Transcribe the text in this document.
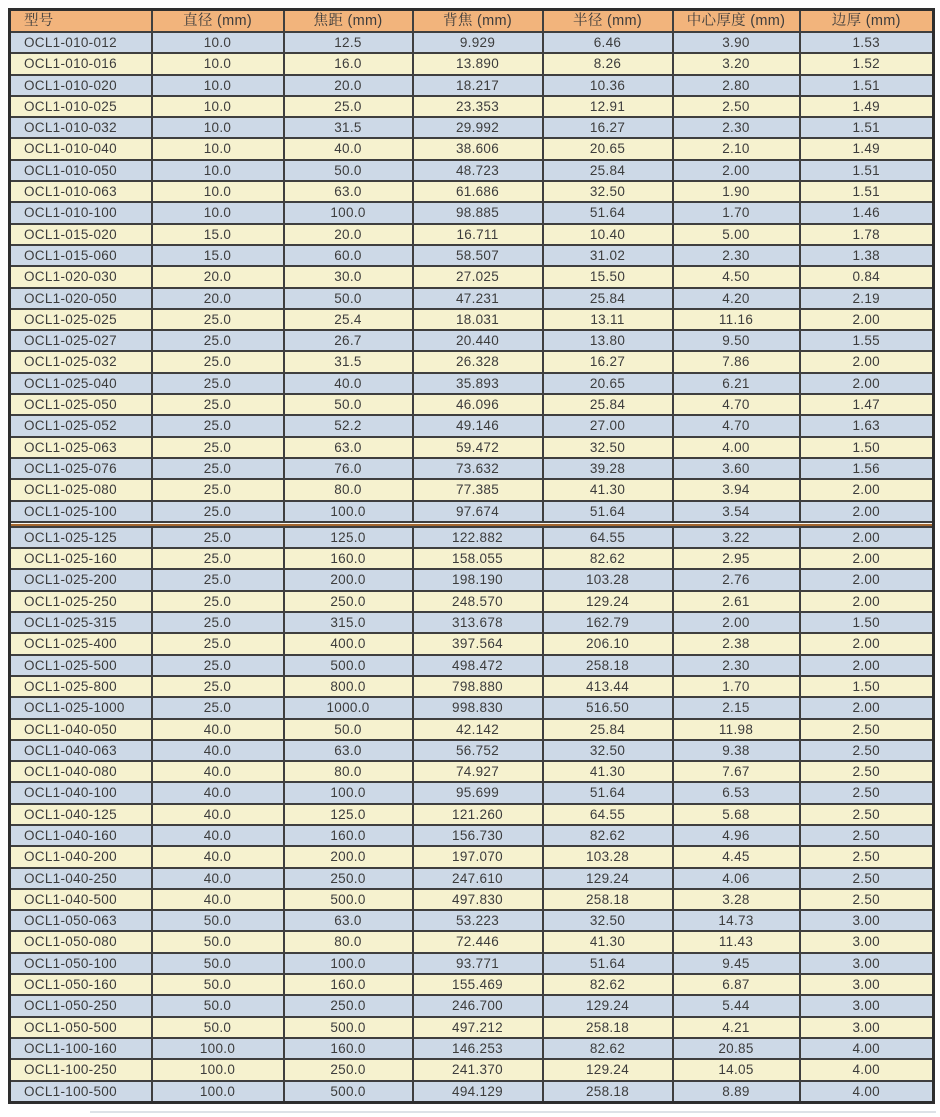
型号	直径 (mm)	焦距 (mm)	背焦 (mm)	半径 (mm)	中心厚度 (mm)	边厚 (mm)
OCL1-010-012	10.0	12.5	9.929	6.46	3.90	1.53
OCL1-010-016	10.0	16.0	13.890	8.26	3.20	1.52
OCL1-010-020	10.0	20.0	18.217	10.36	2.80	1.51
OCL1-010-025	10.0	25.0	23.353	12.91	2.50	1.49
OCL1-010-032	10.0	31.5	29.992	16.27	2.30	1.51
OCL1-010-040	10.0	40.0	38.606	20.65	2.10	1.49
OCL1-010-050	10.0	50.0	48.723	25.84	2.00	1.51
OCL1-010-063	10.0	63.0	61.686	32.50	1.90	1.51
OCL1-010-100	10.0	100.0	98.885	51.64	1.70	1.46
OCL1-015-020	15.0	20.0	16.711	10.40	5.00	1.78
OCL1-015-060	15.0	60.0	58.507	31.02	2.30	1.38
OCL1-020-030	20.0	30.0	27.025	15.50	4.50	0.84
OCL1-020-050	20.0	50.0	47.231	25.84	4.20	2.19
OCL1-025-025	25.0	25.4	18.031	13.11	11.16	2.00
OCL1-025-027	25.0	26.7	20.440	13.80	9.50	1.55
OCL1-025-032	25.0	31.5	26.328	16.27	7.86	2.00
OCL1-025-040	25.0	40.0	35.893	20.65	6.21	2.00
OCL1-025-050	25.0	50.0	46.096	25.84	4.70	1.47
OCL1-025-052	25.0	52.2	49.146	27.00	4.70	1.63
OCL1-025-063	25.0	63.0	59.472	32.50	4.00	1.50
OCL1-025-076	25.0	76.0	73.632	39.28	3.60	1.56
OCL1-025-080	25.0	80.0	77.385	41.30	3.94	2.00
OCL1-025-100	25.0	100.0	97.674	51.64	3.54	2.00

OCL1-025-125	25.0	125.0	122.882	64.55	3.22	2.00
OCL1-025-160	25.0	160.0	158.055	82.62	2.95	2.00
OCL1-025-200	25.0	200.0	198.190	103.28	2.76	2.00
OCL1-025-250	25.0	250.0	248.570	129.24	2.61	2.00
OCL1-025-315	25.0	315.0	313.678	162.79	2.00	1.50
OCL1-025-400	25.0	400.0	397.564	206.10	2.38	2.00
OCL1-025-500	25.0	500.0	498.472	258.18	2.30	2.00
OCL1-025-800	25.0	800.0	798.880	413.44	1.70	1.50
OCL1-025-1000	25.0	1000.0	998.830	516.50	2.15	2.00
OCL1-040-050	40.0	50.0	42.142	25.84	11.98	2.50
OCL1-040-063	40.0	63.0	56.752	32.50	9.38	2.50
OCL1-040-080	40.0	80.0	74.927	41.30	7.67	2.50
OCL1-040-100	40.0	100.0	95.699	51.64	6.53	2.50
OCL1-040-125	40.0	125.0	121.260	64.55	5.68	2.50
OCL1-040-160	40.0	160.0	156.730	82.62	4.96	2.50
OCL1-040-200	40.0	200.0	197.070	103.28	4.45	2.50
OCL1-040-250	40.0	250.0	247.610	129.24	4.06	2.50
OCL1-040-500	40.0	500.0	497.830	258.18	3.28	2.50
OCL1-050-063	50.0	63.0	53.223	32.50	14.73	3.00
OCL1-050-080	50.0	80.0	72.446	41.30	11.43	3.00
OCL1-050-100	50.0	100.0	93.771	51.64	9.45	3.00
OCL1-050-160	50.0	160.0	155.469	82.62	6.87	3.00
OCL1-050-250	50.0	250.0	246.700	129.24	5.44	3.00
OCL1-050-500	50.0	500.0	497.212	258.18	4.21	3.00
OCL1-100-160	100.0	160.0	146.253	82.62	20.85	4.00
OCL1-100-250	100.0	250.0	241.370	129.24	14.05	4.00
OCL1-100-500	100.0	500.0	494.129	258.18	8.89	4.00
